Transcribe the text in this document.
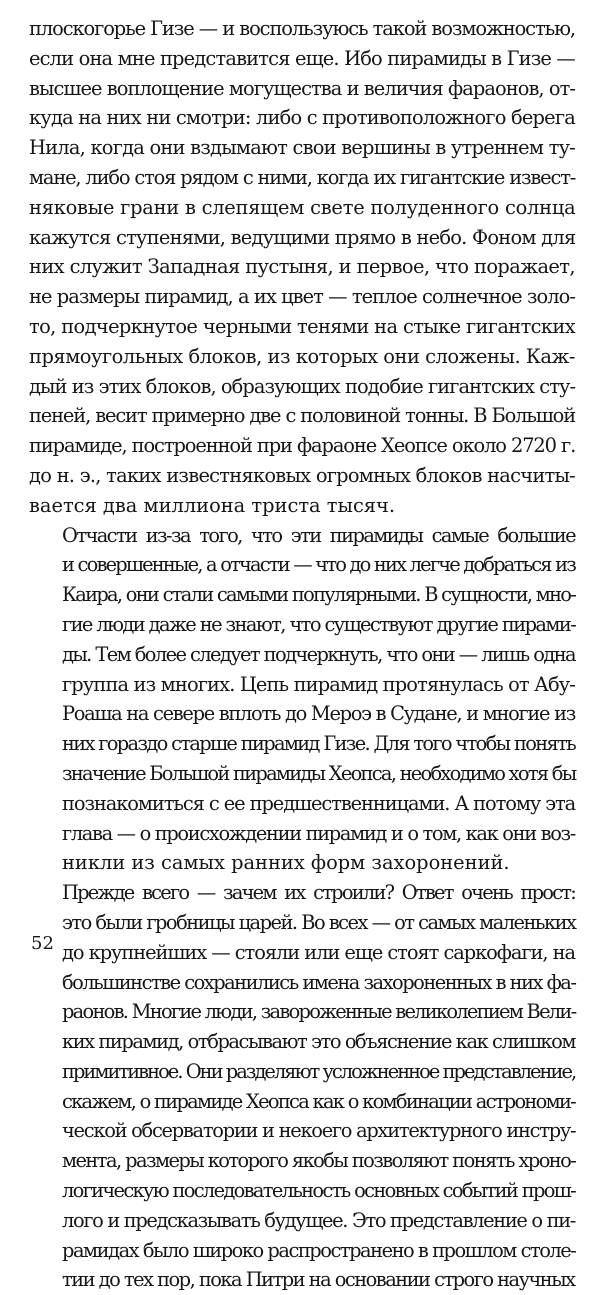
плоскогорье Гизе — и воспользуюсь такой возможностью,
если она мне представится еще. Ибо пирамиды в Гизе —
высшее воплощение могущества и величия фараонов, от-
куда на них ни смотри: либо с противоположного берега
Нила, когда они вздымают свои вершины в утреннем ту-
мане, либо стоя рядом с ними, когда их гигантские извест-
няковые грани в слепящем свете полуденного солнца
кажутся ступенями, ведущими прямо в небо. Фоном для
них служит Западная пустыня, и первое, что поражает,
не размеры пирамид, а их цвет — теплое солнечное золо-
то, подчеркнутое черными тенями на стыке гигантских
прямоугольных блоков, из которых они сложены. Каж-
дый из этих блоков, образующих подобие гигантских сту-
пеней, весит примерно две с половиной тонны. В Большой
пирамиде, построенной при фараоне Хеопсе около 2720 г.
до н. э., таких известняковых огромных блоков насчиты-
вается два миллиона триста тысяч.
Отчасти из-за того, что эти пирамиды самые большие
и совершенные, а отчасти — что до них легче добраться из
Каира, они стали самыми популярными. В сущности, мно-
гие люди даже не знают, что существуют другие пирами-
ды. Тем более следует подчеркнуть, что они — лишь одна
группа из многих. Цепь пирамид протянулась от Абу-
Роаша на севере вплоть до Мероэ в Судане, и многие из
них гораздо старше пирамид Гизе. Для того чтобы понять
значение Большой пирамиды Хеопса, необходимо хотя бы
познакомиться с ее предшественницами. А потому эта
глава — о происхождении пирамид и о том, как они воз-
никли из самых ранних форм захоронений.
Прежде всего — зачем их строили? Ответ очень прост:
это были гробницы царей. Во всех — от самых маленьких
до крупнейших — стояли или еще стоят саркофаги, на
большинстве сохранились имена захороненных в них фа-
раонов. Многие люди, завороженные великолепием Вели-
ких пирамид, отбрасывают это объяснение как слишком
примитивное. Они разделяют усложненное представление,
скажем, о пирамиде Хеопса как о комбинации астрономи-
ческой обсерватории и некоего архитектурного инстру-
мента, размеры которого якобы позволяют понять хроно-
логическую последовательность основных событий прош-
лого и предсказывать будущее. Это представление о пи-
рамидах было широко распространено в прошлом столе-
тии до тех пор, пока Питри на основании строго научных
52
